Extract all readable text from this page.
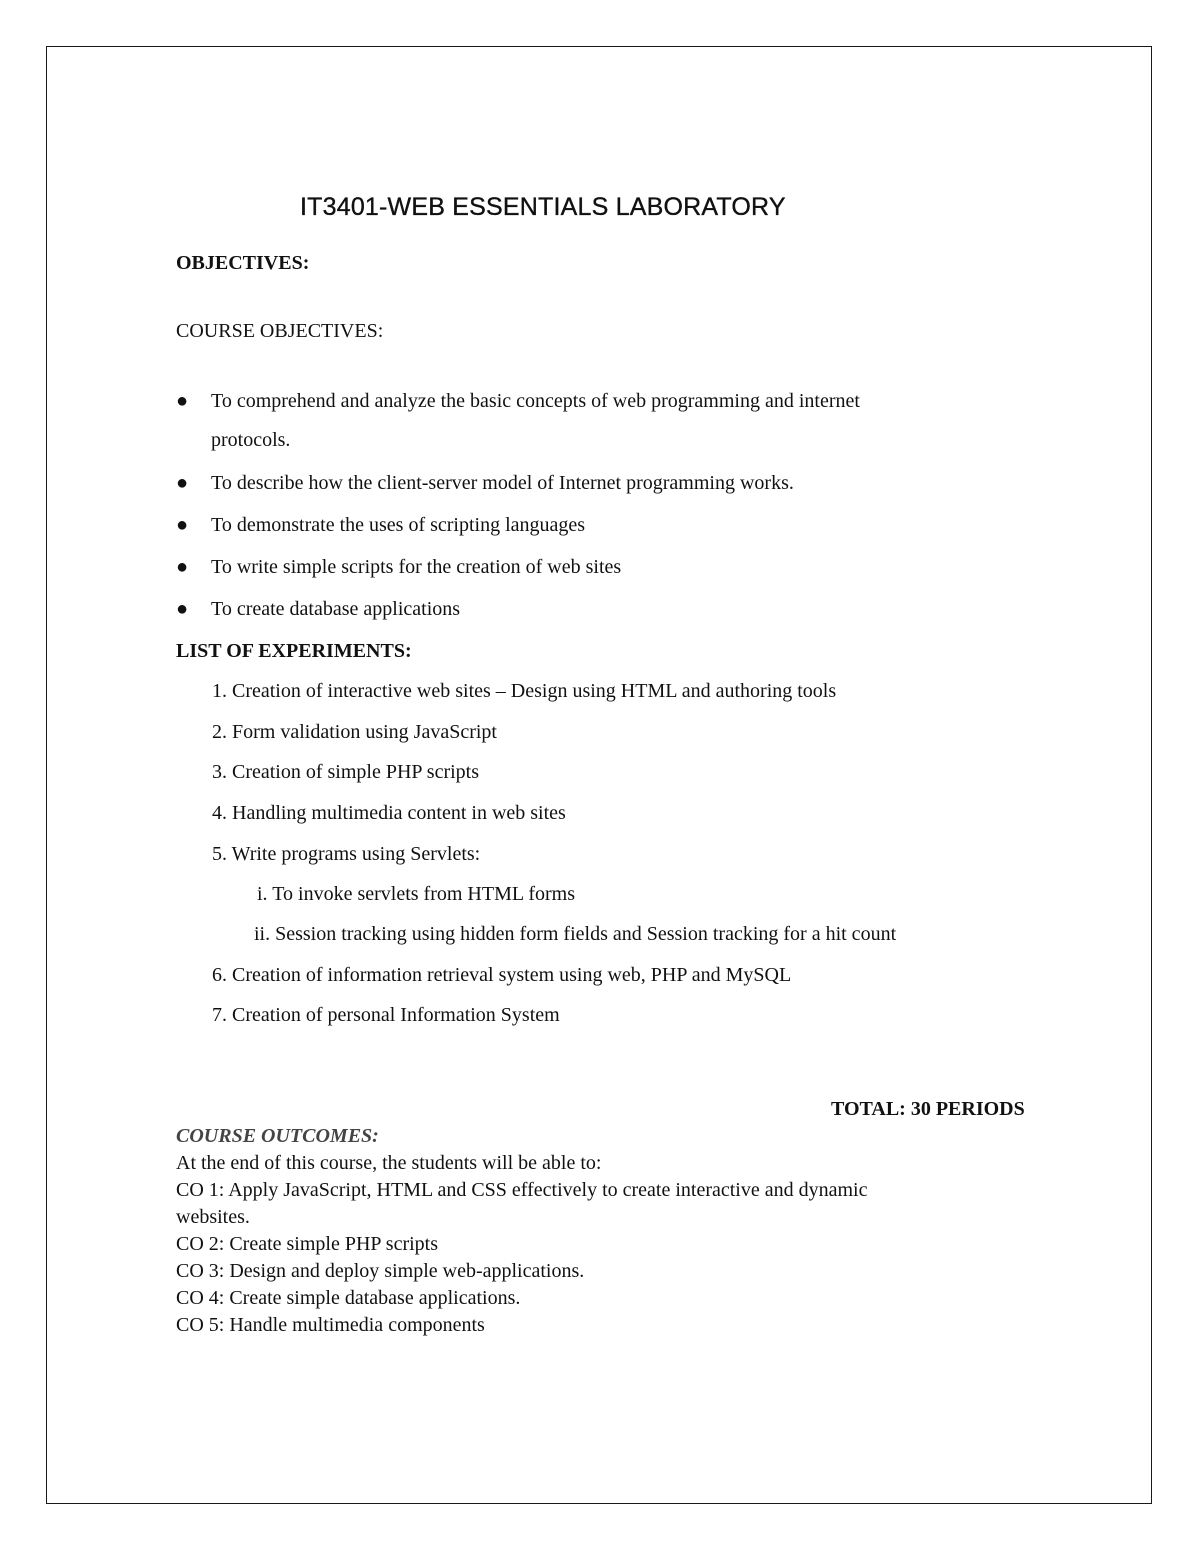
IT3401-WEB ESSENTIALS LABORATORY
OBJECTIVES:
COURSE OBJECTIVES:
●	To comprehend and analyze the basic concepts of web programming and internet
protocols.
●	To describe how the client-server model of Internet programming works.
●	To demonstrate the uses of scripting languages
●	To write simple scripts for the creation of web sites
●	To create database applications
LIST OF EXPERIMENTS:
1. Creation of interactive web sites – Design using HTML and authoring tools
2. Form validation using JavaScript
3. Creation of simple PHP scripts
4. Handling multimedia content in web sites
5. Write programs using Servlets:
i. To invoke servlets from HTML forms
ii. Session tracking using hidden form fields and Session tracking for a hit count
6. Creation of information retrieval system using web, PHP and MySQL
7. Creation of personal Information System
TOTAL: 30 PERIODS
COURSE OUTCOMES:
At the end of this course, the students will be able to:
CO 1: Apply JavaScript, HTML and CSS effectively to create interactive and dynamic
websites.
CO 2: Create simple PHP scripts
CO 3: Design and deploy simple web-applications.
CO 4: Create simple database applications.
CO 5: Handle multimedia components
